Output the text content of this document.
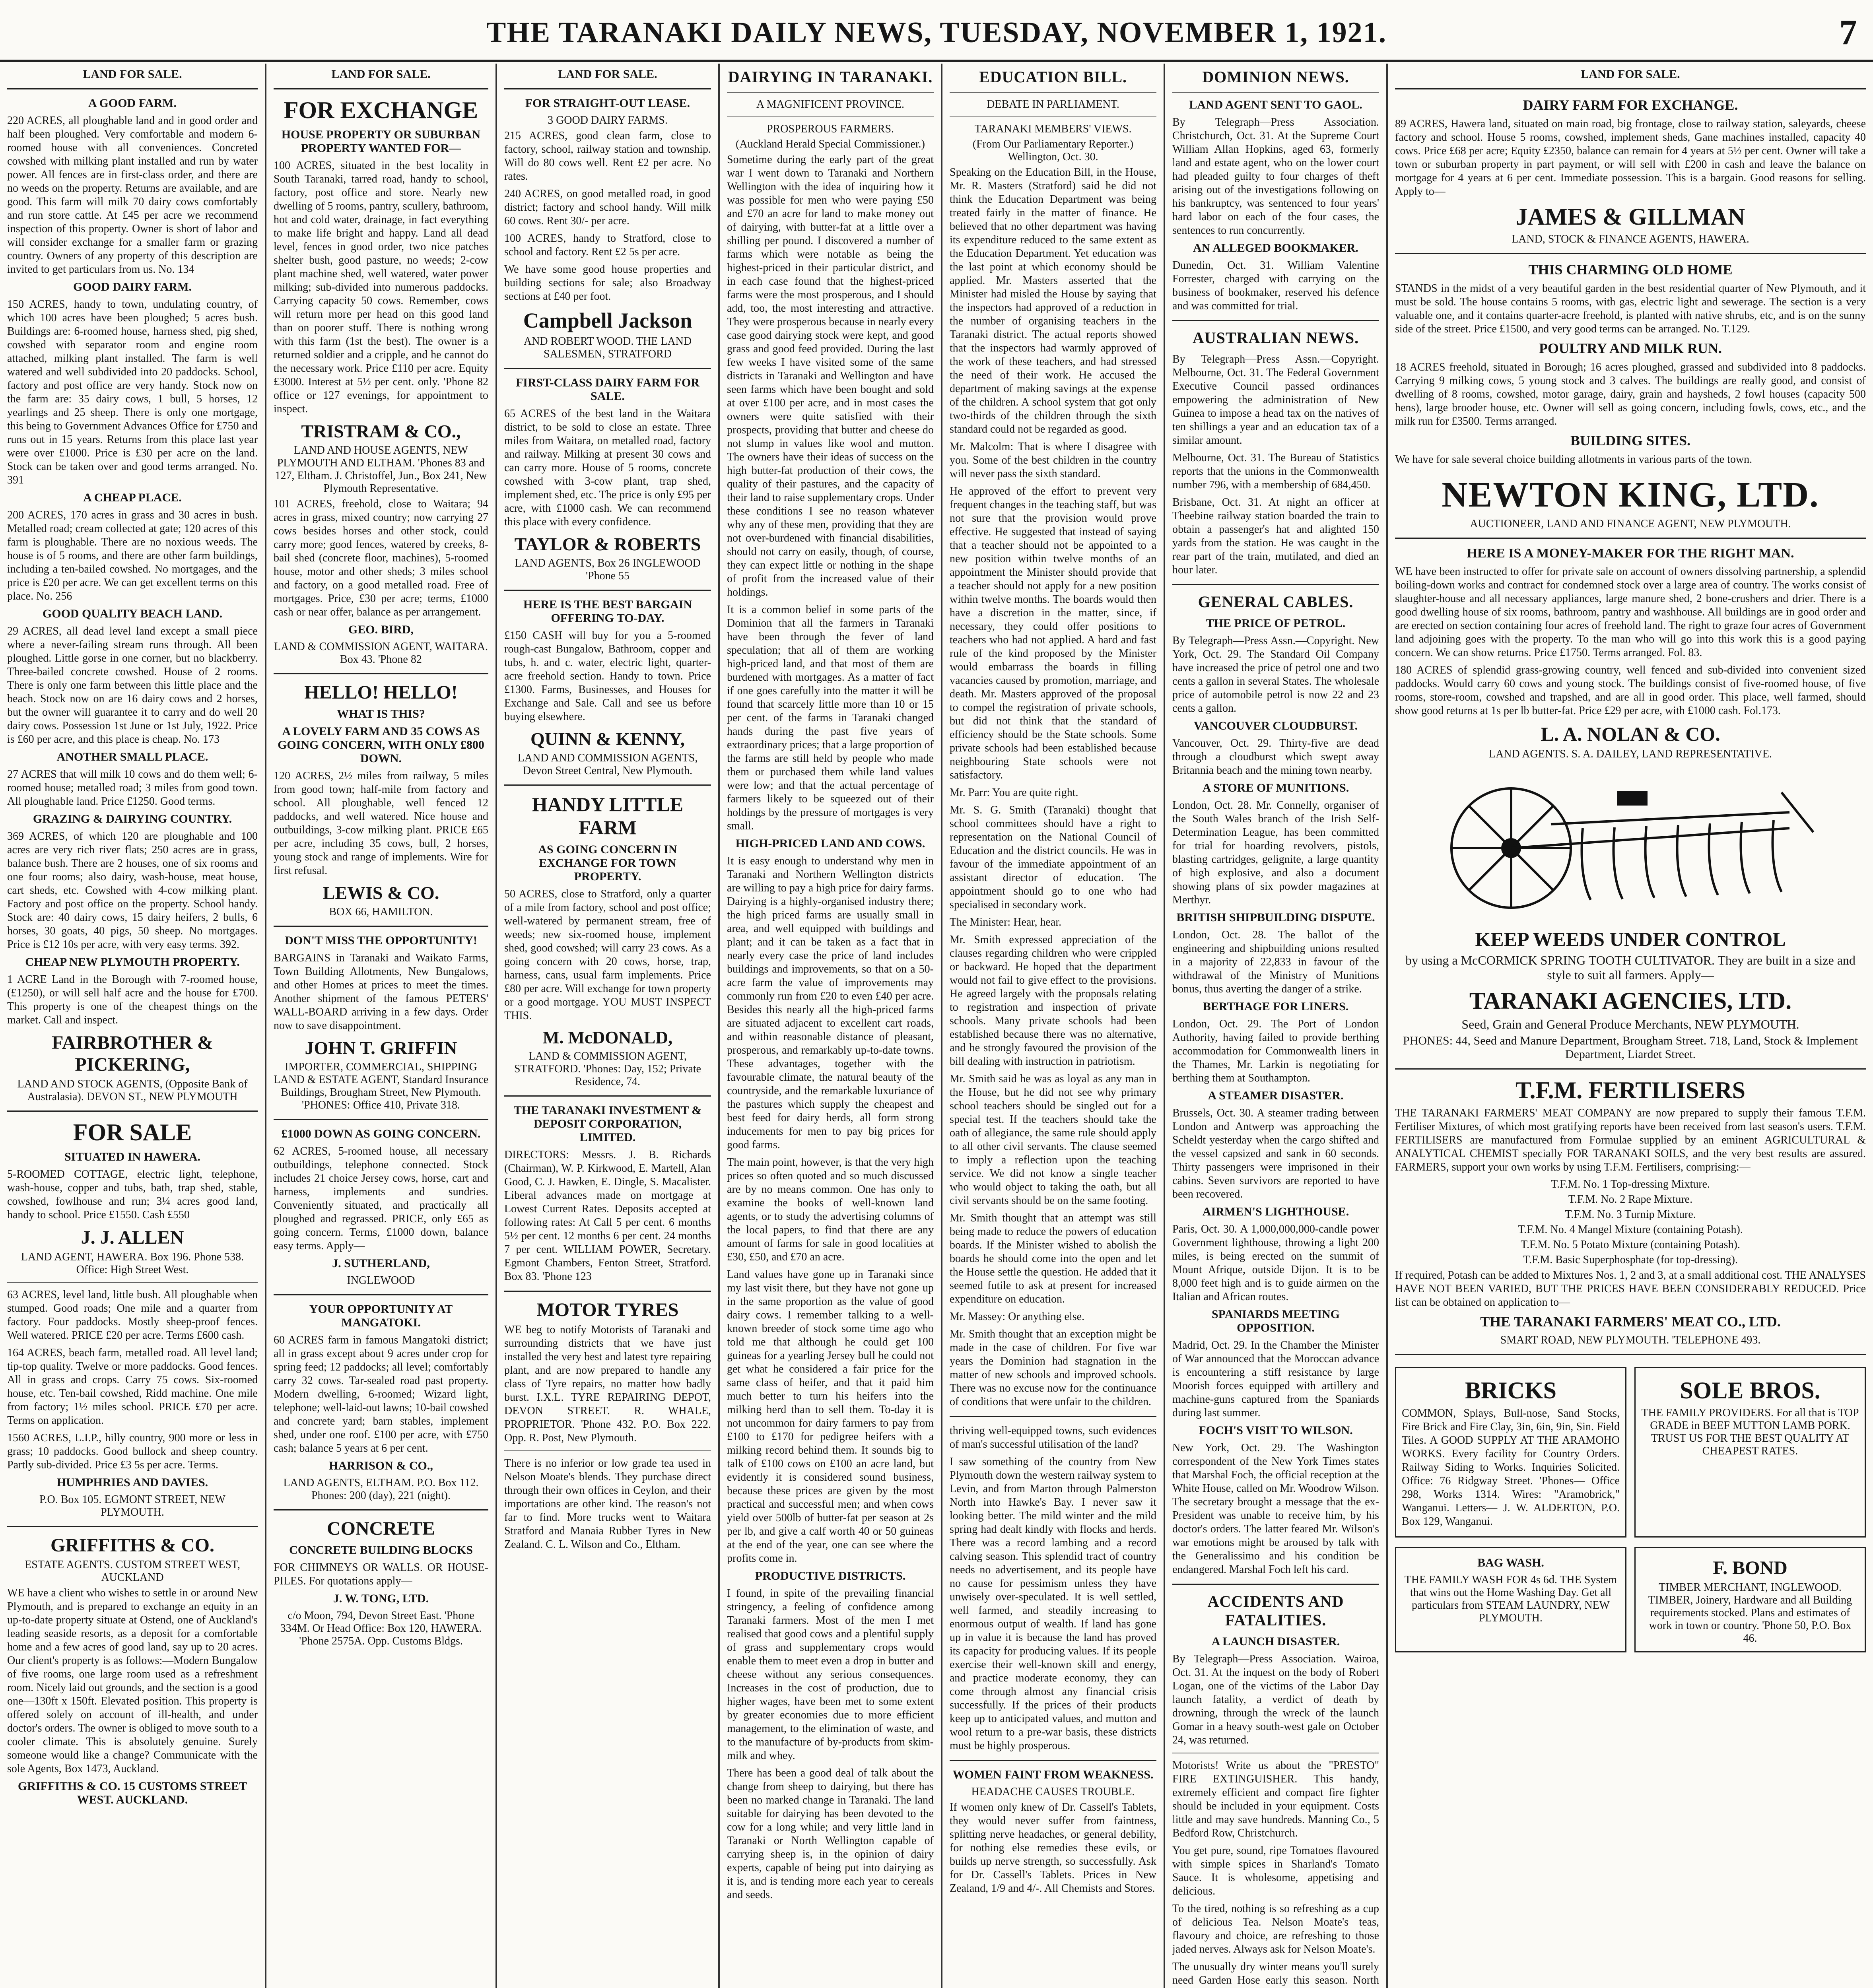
THE TARANAKI DAILY NEWS, TUESDAY, NOVEMBER 1, 1921.	7
LAND FOR SALE.
A GOOD FARM.
220 ACRES, all ploughable land and in good order and half been ploughed. Very comfortable and modern 6-roomed house with all conveniences. Concreted cowshed with milking plant installed and run by water power. All fences are in first-class order, and there are no weeds on the property. Returns are available, and are good. This farm will milk 70 dairy cows comfortably and run store cattle. At £45 per acre we recommend inspection of this property. Owner is short of labor and will consider exchange for a smaller farm or grazing country. Owners of any property of this description are invited to get particulars from us. No. 134
GOOD DAIRY FARM.
150 ACRES, handy to town, undulating country, of which 100 acres have been ploughed; 5 acres bush. Buildings are: 6-roomed house, harness shed, pig shed, cowshed with separator room and engine room attached, milking plant installed. The farm is well watered and well subdivided into 20 paddocks. School, factory and post office are very handy. Stock now on the farm are: 35 dairy cows, 1 bull, 5 horses, 12 yearlings and 25 sheep. There is only one mortgage, this being to Government Advances Office for £750 and runs out in 15 years. Returns from this place last year were over £1000. Price is £30 per acre on the land. Stock can be taken over and good terms arranged. No. 391
A CHEAP PLACE.
200 ACRES, 170 acres in grass and 30 acres in bush. Metalled road; cream collected at gate; 120 acres of this farm is ploughable. There are no noxious weeds. The house is of 5 rooms, and there are other farm buildings, including a ten-bailed cowshed. No mortgages, and the price is £20 per acre. We can get excellent terms on this place. No. 256
GOOD QUALITY BEACH LAND.
29 ACRES, all dead level land except a small piece where a never-failing stream runs through. All been ploughed. Little gorse in one corner, but no blackberry. Three-bailed concrete cowshed. House of 2 rooms. There is only one farm between this little place and the beach. Stock now on are 16 dairy cows and 2 horses, but the owner will guarantee it to carry and do well 20 dairy cows. Possession 1st June or 1st July, 1922. Price is £60 per acre, and this place is cheap. No. 173
ANOTHER SMALL PLACE.
27 ACRES that will milk 10 cows and do them well; 6-roomed house; metalled road; 3 miles from good town. All ploughable land. Price £1250. Good terms.
GRAZING & DAIRYING COUNTRY.
369 ACRES, of which 120 are ploughable and 100 acres are very rich river flats; 250 acres are in grass, balance bush. There are 2 houses, one of six rooms and one four rooms; also dairy, wash-house, meat house, cart sheds, etc. Cowshed with 4-cow milking plant. Factory and post office on the property. School handy. Stock are: 40 dairy cows, 15 dairy heifers, 2 bulls, 6 horses, 30 goats, 40 pigs, 50 sheep. No mortgages. Price is £12 10s per acre, with very easy terms. 392.
CHEAP NEW PLYMOUTH PROPERTY.
1 ACRE Land in the Borough with 7-roomed house, (£1250), or will sell half acre and the house for £700. This property is one of the cheapest things on the market. Call and inspect.
FAIRBROTHER & PICKERING,
LAND AND STOCK AGENTS, (Opposite Bank of Australasia). DEVON ST., NEW PLYMOUTH
FOR SALE
SITUATED IN HAWERA.
5-ROOMED COTTAGE, electric light, telephone, wash-house, copper and tubs, bath, trap shed, stable, cowshed, fowlhouse and run; 3¼ acres good land, handy to school. Price £1550. Cash £550
J. J. ALLEN
LAND AGENT, HAWERA. Box 196. Phone 538. Office: High Street West.
63 ACRES, level land, little bush. All ploughable when stumped. Good roads; One mile and a quarter from factory. Four paddocks. Mostly sheep-proof fences. Well watered. PRICE £20 per acre. Terms £600 cash.
164 ACRES, beach farm, metalled road. All level land; tip-top quality. Twelve or more paddocks. Good fences. All in grass and crops. Carry 75 cows. Six-roomed house, etc. Ten-bail cowshed, Ridd machine. One mile from factory; 1½ miles school. PRICE £70 per acre. Terms on application.
1560 ACRES, L.I.P., hilly country, 900 more or less in grass; 10 paddocks. Good bullock and sheep country. Partly sub-divided. Price £3 5s per acre. Terms.
HUMPHRIES AND DAVIES.
P.O. Box 105. EGMONT STREET, NEW PLYMOUTH.
GRIFFITHS & CO.
ESTATE AGENTS. CUSTOM STREET WEST, AUCKLAND
WE have a client who wishes to settle in or around New Plymouth, and is prepared to exchange an equity in an up-to-date property situate at Ostend, one of Auckland's leading seaside resorts, as a deposit for a comfortable home and a few acres of good land, say up to 20 acres. Our client's property is as follows:—Modern Bungalow of five rooms, one large room used as a refreshment room. Nicely laid out grounds, and the section is a good one—130ft x 150ft. Elevated position. This property is offered solely on account of ill-health, and under doctor's orders. The owner is obliged to move south to a cooler climate. This is absolutely genuine. Surely someone would like a change? Communicate with the sole Agents, Box 1473, Auckland.
GRIFFITHS & CO. 15 CUSTOMS STREET WEST. AUCKLAND.
LAND FOR SALE.
FOR EXCHANGE
HOUSE PROPERTY OR SUBURBAN PROPERTY WANTED FOR—
100 ACRES, situated in the best locality in South Taranaki, tarred road, handy to school, factory, post office and store. Nearly new dwelling of 5 rooms, pantry, scullery, bathroom, hot and cold water, drainage, in fact everything to make life bright and happy. Land all dead level, fences in good order, two nice patches shelter bush, good pasture, no weeds; 2-cow plant machine shed, well watered, water power milking; sub-divided into numerous paddocks. Carrying capacity 50 cows. Remember, cows will return more per head on this good land than on poorer stuff. There is nothing wrong with this farm (1st the best). The owner is a returned soldier and a cripple, and he cannot do the necessary work. Price £110 per acre. Equity £3000. Interest at 5½ per cent. only. 'Phone 82 office or 127 evenings, for appointment to inspect.
TRISTRAM & CO.,
LAND AND HOUSE AGENTS, NEW PLYMOUTH AND ELTHAM. 'Phones 83 and 127, Eltham. J. Christoffel, Jun., Box 241, New Plymouth Representative.
101 ACRES, freehold, close to Waitara; 94 acres in grass, mixed country; now carrying 27 cows besides horses and other stock, could carry more; good fences, watered by creeks, 8-bail shed (concrete floor, machines), 5-roomed house, motor and other sheds; 3 miles school and factory, on a good metalled road. Free of mortgages. Price, £30 per acre; terms, £1000 cash or near offer, balance as per arrangement.
GEO. BIRD,
LAND & COMMISSION AGENT, WAITARA. Box 43. 'Phone 82
HELLO! HELLO!
WHAT IS THIS?
A LOVELY FARM AND 35 COWS AS GOING CONCERN, WITH ONLY £800 DOWN.
120 ACRES, 2½ miles from railway, 5 miles from good town; half-mile from factory and school. All ploughable, well fenced 12 paddocks, and well watered. Nice house and outbuildings, 3-cow milking plant. PRICE £65 per acre, including 35 cows, bull, 2 horses, young stock and range of implements. Wire for first refusal.
LEWIS & CO.
BOX 66, HAMILTON.
DON'T MISS THE OPPORTUNITY!
BARGAINS in Taranaki and Waikato Farms, Town Building Allotments, New Bungalows, and other Homes at prices to meet the times. Another shipment of the famous PETERS' WALL-BOARD arriving in a few days. Order now to save disappointment.
JOHN T. GRIFFIN
IMPORTER, COMMERCIAL, SHIPPING LAND & ESTATE AGENT, Standard Insurance Buildings, Brougham Street, New Plymouth. 'PHONES: Office 410, Private 318.
£1000 DOWN AS GOING CONCERN.
62 ACRES, 5-roomed house, all necessary outbuildings, telephone connected. Stock includes 21 choice Jersey cows, horse, cart and harness, implements and sundries. Conveniently situated, and practically all ploughed and regrassed. PRICE, only £65 as going concern. Terms, £1000 down, balance easy terms. Apply—
J. SUTHERLAND,
INGLEWOOD
YOUR OPPORTUNITY AT MANGATOKI.
60 ACRES farm in famous Mangatoki district; all in grass except about 9 acres under crop for spring feed; 12 paddocks; all level; comfortably carry 32 cows. Tar-sealed road past property. Modern dwelling, 6-roomed; Wizard light, telephone; well-laid-out lawns; 10-bail cowshed and concrete yard; barn stables, implement shed, under one roof. £100 per acre, with £750 cash; balance 5 years at 6 per cent.
HARRISON & CO.,
LAND AGENTS, ELTHAM. P.O. Box 112. Phones: 200 (day), 221 (night).
CONCRETE
CONCRETE BUILDING BLOCKS
FOR CHIMNEYS OR WALLS. OR HOUSE-PILES. For quotations apply—
J. W. TONG, LTD.
c/o Moon, 794, Devon Street East. 'Phone 334M. Or Head Office: Box 120, HAWERA. 'Phone 2575A. Opp. Customs Bldgs.
LAND FOR SALE.
FOR STRAIGHT-OUT LEASE.
3 GOOD DAIRY FARMS.
215 ACRES, good clean farm, close to factory, school, railway station and township. Will do 80 cows well. Rent £2 per acre. No rates.
240 ACRES, on good metalled road, in good district; factory and school handy. Will milk 60 cows. Rent 30/- per acre.
100 ACRES, handy to Stratford, close to school and factory. Rent £2 5s per acre.
We have some good house properties and building sections for sale; also Broadway sections at £40 per foot.
Campbell Jackson
AND ROBERT WOOD. THE LAND SALESMEN, STRATFORD
FIRST-CLASS DAIRY FARM FOR SALE.
65 ACRES of the best land in the Waitara district, to be sold to close an estate. Three miles from Waitara, on metalled road, factory and railway. Milking at present 30 cows and can carry more. House of 5 rooms, concrete cowshed with 3-cow plant, trap shed, implement shed, etc. The price is only £95 per acre, with £1000 cash. We can recommend this place with every confidence.
TAYLOR & ROBERTS
LAND AGENTS, Box 26 INGLEWOOD 'Phone 55
HERE IS THE BEST BARGAIN OFFERING TO-DAY.
£150 CASH will buy for you a 5-roomed rough-cast Bungalow, Bathroom, copper and tubs, h. and c. water, electric light, quarter-acre freehold section. Handy to town. Price £1300. Farms, Businesses, and Houses for Exchange and Sale. Call and see us before buying elsewhere.
QUINN & KENNY,
LAND AND COMMISSION AGENTS, Devon Street Central, New Plymouth.
HANDY LITTLE FARM
AS GOING CONCERN IN EXCHANGE FOR TOWN PROPERTY.
50 ACRES, close to Stratford, only a quarter of a mile from factory, school and post office; well-watered by permanent stream, free of weeds; new six-roomed house, implement shed, good cowshed; will carry 23 cows. As a going concern with 20 cows, horse, trap, harness, cans, usual farm implements. Price £80 per acre. Will exchange for town property or a good mortgage. YOU MUST INSPECT THIS.
M. McDONALD,
LAND & COMMISSION AGENT, STRATFORD. 'Phones: Day, 152; Private Residence, 74.
THE TARANAKI INVESTMENT & DEPOSIT CORPORATION, LIMITED.
DIRECTORS: Messrs. J. B. Richards (Chairman), W. P. Kirkwood, E. Martell, Alan Good, C. J. Hawken, E. Dingle, S. Macalister. Liberal advances made on mortgage at Lowest Current Rates. Deposits accepted at following rates: At Call 5 per cent. 6 months 5½ per cent. 12 months 6 per cent. 24 months 7 per cent. WILLIAM POWER, Secretary. Egmont Chambers, Fenton Street, Stratford. Box 83. 'Phone 123
MOTOR TYRES
WE beg to notify Motorists of Taranaki and surrounding districts that we have just installed the very best and latest tyre repairing plant, and are now prepared to handle any class of Tyre repairs, no matter how badly burst. I.X.L. TYRE REPAIRING DEPOT, DEVON STREET. R. WHALE, PROPRIETOR. 'Phone 432. P.O. Box 222. Opp. R. Post, New Plymouth.
There is no inferior or low grade tea used in Nelson Moate's blends. They purchase direct through their own offices in Ceylon, and their importations are other kind. The reason's not far to find. More trucks went to Waitara Stratford and Manaia Rubber Tyres in New Zealand. C. L. Wilson and Co., Eltham.
DAIRYING IN TARANAKI.
A MAGNIFICENT PROVINCE.
PROSPEROUS FARMERS.
(Auckland Herald Special Commissioner.)
Sometime during the early part of the great war I went down to Taranaki and Northern Wellington with the idea of inquiring how it was possible for men who were paying £50 and £70 an acre for land to make money out of dairying, with butter-fat at a little over a shilling per pound. I discovered a number of farms which were notable as being the highest-priced in their particular district, and in each case found that the highest-priced farms were the most prosperous, and I should add, too, the most interesting and attractive. They were prosperous because in nearly every case good dairying stock were kept, and good grass and good feed provided. During the last few weeks I have visited some of the same districts in Taranaki and Wellington and have seen farms which have been bought and sold at over £100 per acre, and in most cases the owners were quite satisfied with their prospects, providing that butter and cheese do not slump in values like wool and mutton. The owners have their ideas of success on the high butter-fat production of their cows, the quality of their pastures, and the capacity of their land to raise supplementary crops. Under these conditions I see no reason whatever why any of these men, providing that they are not over-burdened with financial disabilities, should not carry on easily, though, of course, they can expect little or nothing in the shape of profit from the increased value of their holdings.
It is a common belief in some parts of the Dominion that all the farmers in Taranaki have been through the fever of land speculation; that all of them are working high-priced land, and that most of them are burdened with mortgages. As a matter of fact if one goes carefully into the matter it will be found that scarcely little more than 10 or 15 per cent. of the farms in Taranaki changed hands during the past five years of extraordinary prices; that a large proportion of the farms are still held by people who made them or purchased them while land values were low; and that the actual percentage of farmers likely to be squeezed out of their holdings by the pressure of mortgages is very small.
HIGH-PRICED LAND AND COWS.
It is easy enough to understand why men in Taranaki and Northern Wellington districts are willing to pay a high price for dairy farms. Dairying is a highly-organised industry there; the high priced farms are usually small in area, and well equipped with buildings and plant; and it can be taken as a fact that in nearly every case the price of land includes buildings and improvements, so that on a 50-acre farm the value of improvements may commonly run from £20 to even £40 per acre. Besides this nearly all the high-priced farms are situated adjacent to excellent cart roads, and within reasonable distance of pleasant, prosperous, and remarkably up-to-date towns. These advantages, together with the favourable climate, the natural beauty of the countryside, and the remarkable luxuriance of the pastures which supply the cheapest and best feed for dairy herds, all form strong inducements for men to pay big prices for good farms.
The main point, however, is that the very high prices so often quoted and so much discussed are by no means common. One has only to examine the books of well-known land agents, or to study the advertising columns of the local papers, to find that there are any amount of farms for sale in good localities at £30, £50, and £70 an acre.
Land values have gone up in Taranaki since my last visit there, but they have not gone up in the same proportion as the value of good dairy cows. I remember talking to a well-known breeder of stock some time ago who told me that although he could get 100 guineas for a yearling Jersey bull he could not get what he considered a fair price for the same class of heifer, and that it paid him much better to turn his heifers into the milking herd than to sell them. To-day it is not uncommon for dairy farmers to pay from £100 to £170 for pedigree heifers with a milking record behind them. It sounds big to talk of £100 cows on £100 an acre land, but evidently it is considered sound business, because these prices are given by the most practical and successful men; and when cows yield over 500lb of butter-fat per season at 2s per lb, and give a calf worth 40 or 50 guineas at the end of the year, one can see where the profits come in.
PRODUCTIVE DISTRICTS.
I found, in spite of the prevailing financial stringency, a feeling of confidence among Taranaki farmers. Most of the men I met realised that good cows and a plentiful supply of grass and supplementary crops would enable them to meet even a drop in butter and cheese without any serious consequences. Increases in the cost of production, due to higher wages, have been met to some extent by greater economies due to more efficient management, to the elimination of waste, and to the manufacture of by-products from skim-milk and whey.
There has been a good deal of talk about the change from sheep to dairying, but there has been no marked change in Taranaki. The land suitable for dairying has been devoted to the cow for a long while; and very little land in Taranaki or North Wellington capable of carrying sheep is, in the opinion of dairy experts, capable of being put into dairying as it is, and is tending more each year to cereals and seeds.
EDUCATION BILL.
DEBATE IN PARLIAMENT.
TARANAKI MEMBERS' VIEWS.
(From Our Parliamentary Reporter.) Wellington, Oct. 30.
Speaking on the Education Bill, in the House, Mr. R. Masters (Stratford) said he did not think the Education Department was being treated fairly in the matter of finance. He believed that no other department was having its expenditure reduced to the same extent as the Education Department. Yet education was the last point at which economy should be applied. Mr. Masters asserted that the Minister had misled the House by saying that the inspectors had approved of a reduction in the number of organising teachers in the Taranaki district. The actual reports showed that the inspectors had warmly approved of the work of these teachers, and had stressed the need of their work. He accused the department of making savings at the expense of the children. A school system that got only two-thirds of the children through the sixth standard could not be regarded as good.
Mr. Malcolm: That is where I disagree with you. Some of the best children in the country will never pass the sixth standard.
He approved of the effort to prevent very frequent changes in the teaching staff, but was not sure that the provision would prove effective. He suggested that instead of saying that a teacher should not be appointed to a new position within twelve months of an appointment the Minister should provide that a teacher should not apply for a new position within twelve months. The boards would then have a discretion in the matter, since, if necessary, they could offer positions to teachers who had not applied. A hard and fast rule of the kind proposed by the Minister would embarrass the boards in filling vacancies caused by promotion, marriage, and death. Mr. Masters approved of the proposal to compel the registration of private schools, but did not think that the standard of efficiency should be the State schools. Some private schools had been established because neighbouring State schools were not satisfactory.
Mr. Parr: You are quite right.
Mr. S. G. Smith (Taranaki) thought that school committees should have a right to representation on the National Council of Education and the district councils. He was in favour of the immediate appointment of an assistant director of education. The appointment should go to one who had specialised in secondary work.
The Minister: Hear, hear.
Mr. Smith expressed appreciation of the clauses regarding children who were crippled or backward. He hoped that the department would not fail to give effect to the provisions. He agreed largely with the proposals relating to registration and inspection of private schools. Many private schools had been established because there was no alternative, and he strongly favoured the provision of the bill dealing with instruction in patriotism.
Mr. Smith said he was as loyal as any man in the House, but he did not see why primary school teachers should be singled out for a special test. If the teachers should take the oath of allegiance, the same rule should apply to all other civil servants. The clause seemed to imply a reflection upon the teaching service. We did not know a single teacher who would object to taking the oath, but all civil servants should be on the same footing.
Mr. Smith thought that an attempt was still being made to reduce the powers of education boards. If the Minister wished to abolish the boards he should come into the open and let the House settle the question. He added that it seemed futile to ask at present for increased expenditure on education.
Mr. Massey: Or anything else.
Mr. Smith thought that an exception might be made in the case of children. For five war years the Dominion had stagnation in the matter of new schools and improved schools. There was no excuse now for the continuance of conditions that were unfair to the children.
thriving well-equipped towns, such evidences of man's successful utilisation of the land?
I saw something of the country from New Plymouth down the western railway system to Levin, and from Marton through Palmerston North into Hawke's Bay. I never saw it looking better. The mild winter and the mild spring had dealt kindly with flocks and herds. There was a record lambing and a record calving season. This splendid tract of country needs no advertisement, and its people have no cause for pessimism unless they have unwisely over-speculated. It is well settled, well farmed, and steadily increasing to enormous output of wealth. If land has gone up in value it is because the land has proved its capacity for producing values. If its people exercise their well-known skill and energy, and practice moderate economy, they can come through almost any financial crisis successfully. If the prices of their products keep up to anticipated values, and mutton and wool return to a pre-war basis, these districts must be highly prosperous.
WOMEN FAINT FROM WEAKNESS.
HEADACHE CAUSES TROUBLE.
If women only knew of Dr. Cassell's Tablets, they would never suffer from faintness, splitting nerve headaches, or general debility, for nothing else remedies these evils, or builds up nerve strength, so successfully. Ask for Dr. Cassell's Tablets. Prices in New Zealand, 1/9 and 4/-. All Chemists and Stores.
DOMINION NEWS.
LAND AGENT SENT TO GAOL.
By Telegraph—Press Association. Christchurch, Oct. 31. At the Supreme Court William Allan Hopkins, aged 63, formerly land and estate agent, who on the lower court had pleaded guilty to four charges of theft arising out of the investigations following on his bankruptcy, was sentenced to four years' hard labor on each of the four cases, the sentences to run concurrently.
AN ALLEGED BOOKMAKER.
Dunedin, Oct. 31. William Valentine Forrester, charged with carrying on the business of bookmaker, reserved his defence and was committed for trial.
AUSTRALIAN NEWS.
By Telegraph—Press Assn.—Copyright. Melbourne, Oct. 31. The Federal Government Executive Council passed ordinances empowering the administration of New Guinea to impose a head tax on the natives of ten shillings a year and an education tax of a similar amount.
Melbourne, Oct. 31. The Bureau of Statistics reports that the unions in the Commonwealth number 796, with a membership of 684,450.
Brisbane, Oct. 31. At night an officer at Theebine railway station boarded the train to obtain a passenger's hat and alighted 150 yards from the station. He was caught in the rear part of the train, mutilated, and died an hour later.
GENERAL CABLES.
THE PRICE OF PETROL.
By Telegraph—Press Assn.—Copyright. New York, Oct. 29. The Standard Oil Company have increased the price of petrol one and two cents a gallon in several States. The wholesale price of automobile petrol is now 22 and 23 cents a gallon.
VANCOUVER CLOUDBURST.
Vancouver, Oct. 29. Thirty-five are dead through a cloudburst which swept away Britannia beach and the mining town nearby.
A STORE OF MUNITIONS.
London, Oct. 28. Mr. Connelly, organiser of the South Wales branch of the Irish Self-Determination League, has been committed for trial for hoarding revolvers, pistols, blasting cartridges, gelignite, a large quantity of high explosive, and also a document showing plans of six powder magazines at Merthyr.
BRITISH SHIPBUILDING DISPUTE.
London, Oct. 28. The ballot of the engineering and shipbuilding unions resulted in a majority of 22,833 in favour of the withdrawal of the Ministry of Munitions bonus, thus averting the danger of a strike.
BERTHAGE FOR LINERS.
London, Oct. 29. The Port of London Authority, having failed to provide berthing accommodation for Commonwealth liners in the Thames, Mr. Larkin is negotiating for berthing them at Southampton.
A STEAMER DISASTER.
Brussels, Oct. 30. A steamer trading between London and Antwerp was approaching the Scheldt yesterday when the cargo shifted and the vessel capsized and sank in 60 seconds. Thirty passengers were imprisoned in their cabins. Seven survivors are reported to have been recovered.
AIRMEN'S LIGHTHOUSE.
Paris, Oct. 30. A 1,000,000,000-candle power Government lighthouse, throwing a light 200 miles, is being erected on the summit of Mount Afrique, outside Dijon. It is to be 8,000 feet high and is to guide airmen on the Italian and African routes.
SPANIARDS MEETING OPPOSITION.
Madrid, Oct. 29. In the Chamber the Minister of War announced that the Moroccan advance is encountering a stiff resistance by large Moorish forces equipped with artillery and machine-guns captured from the Spaniards during last summer.
FOCH'S VISIT TO WILSON.
New York, Oct. 29. The Washington correspondent of the New York Times states that Marshal Foch, the official reception at the White House, called on Mr. Woodrow Wilson. The secretary brought a message that the ex-President was unable to receive him, by his doctor's orders. The latter feared Mr. Wilson's war emotions might be aroused by talk with the Generalissimo and his condition be endangered. Marshal Foch left his card.
ACCIDENTS AND FATALITIES.
A LAUNCH DISASTER.
By Telegraph—Press Association. Wairoa, Oct. 31. At the inquest on the body of Robert Logan, one of the victims of the Labor Day launch fatality, a verdict of death by drowning, through the wreck of the launch Gomar in a heavy south-west gale on October 24, was returned.
Motorists! Write us about the "PRESTO" FIRE EXTINGUISHER. This handy, extremely efficient and compact fire fighter should be included in your equipment. Costs little and may save hundreds. Manning Co., 5 Bedford Row, Christchurch.
You get pure, sound, ripe Tomatoes flavoured with simple spices in Sharland's Tomato Sauce. It is wholesome, appetising and delicious.
To the tired, nothing is so refreshing as a cup of delicious Tea. Nelson Moate's teas, flavoury and choice, are refreshing to those jaded nerves. Always ask for Nelson Moate's.
The unusually dry winter means you'll surely need Garden Hose early this season. North
LAND FOR SALE.
DAIRY FARM FOR EXCHANGE.
89 ACRES, Hawera land, situated on main road, big frontage, close to railway station, saleyards, cheese factory and school. House 5 rooms, cowshed, implement sheds, Gane machines installed, capacity 40 cows. Price £68 per acre; Equity £2350, balance can remain for 4 years at 5½ per cent. Owner will take a town or suburban property in part payment, or will sell with £200 in cash and leave the balance on mortgage for 4 years at 6 per cent. Immediate possession. This is a bargain. Good reasons for selling. Apply to—
JAMES & GILLMAN
LAND, STOCK & FINANCE AGENTS, HAWERA.
THIS CHARMING OLD HOME
STANDS in the midst of a very beautiful garden in the best residential quarter of New Plymouth, and it must be sold. The house contains 5 rooms, with gas, electric light and sewerage. The section is a very valuable one, and it contains quarter-acre freehold, is planted with native shrubs, etc, and is on the sunny side of the street. Price £1500, and very good terms can be arranged. No. T.129.
POULTRY AND MILK RUN.
18 ACRES freehold, situated in Borough; 16 acres ploughed, grassed and subdivided into 8 paddocks. Carrying 9 milking cows, 5 young stock and 3 calves. The buildings are really good, and consist of dwelling of 8 rooms, cowshed, motor garage, dairy, grain and haysheds, 2 fowl houses (capacity 500 hens), large brooder house, etc. Owner will sell as going concern, including fowls, cows, etc., and the milk run for £3500. Terms arranged.
BUILDING SITES.
We have for sale several choice building allotments in various parts of the town.
NEWTON KING, LTD.
AUCTIONEER, LAND AND FINANCE AGENT, NEW PLYMOUTH.
HERE IS A MONEY-MAKER FOR THE RIGHT MAN.
WE have been instructed to offer for private sale on account of owners dissolving partnership, a splendid boiling-down works and contract for condemned stock over a large area of country. The works consist of slaughter-house and all necessary appliances, large manure shed, 2 bone-crushers and drier. There is a good dwelling house of six rooms, bathroom, pantry and washhouse. All buildings are in good order and are erected on section containing four acres of freehold land. The right to graze four acres of Government land adjoining goes with the property. To the man who will go into this work this is a good paying concern. We can show returns. Price £1750. Terms arranged. Fol. 83.
180 ACRES of splendid grass-growing country, well fenced and sub-divided into convenient sized paddocks. Would carry 60 cows and young stock. The buildings consist of five-roomed house, of five rooms, store-room, cowshed and trapshed, and are all in good order. This place, well farmed, should show good returns at 1s per lb butter-fat. Price £29 per acre, with £1000 cash. Fol.173.
L. A. NOLAN & CO.
LAND AGENTS. S. A. DAILEY, LAND REPRESENTATIVE.
KEEP WEEDS UNDER CONTROL
by using a McCORMICK SPRING TOOTH CULTIVATOR. They are built in a size and style to suit all farmers. Apply—
TARANAKI AGENCIES, LTD.
Seed, Grain and General Produce Merchants, NEW PLYMOUTH.
PHONES: 44, Seed and Manure Department, Brougham Street. 718, Land, Stock & Implement Department, Liardet Street.
T.F.M. FERTILISERS
THE TARANAKI FARMERS' MEAT COMPANY are now prepared to supply their famous T.F.M. Fertiliser Mixtures, of which most gratifying reports have been received from last season's users. T.F.M. FERTILISERS are manufactured from Formulae supplied by an eminent AGRICULTURAL & ANALYTICAL CHEMIST specially FOR TARANAKI SOILS, and the very best results are assured. FARMERS, support your own works by using T.F.M. Fertilisers, comprising:—
T.F.M. No. 1 Top-dressing Mixture.
T.F.M. No. 2 Rape Mixture.
T.F.M. No. 3 Turnip Mixture.
T.F.M. No. 4 Mangel Mixture (containing Potash).
T.F.M. No. 5 Potato Mixture (containing Potash).
T.F.M. Basic Superphosphate (for top-dressing).
If required, Potash can be added to Mixtures Nos. 1, 2 and 3, at a small additional cost. THE ANALYSES HAVE NOT BEEN VARIED, BUT THE PRICES HAVE BEEN CONSIDERABLY REDUCED. Price list can be obtained on application to—
THE TARANAKI FARMERS' MEAT CO., LTD.
SMART ROAD, NEW PLYMOUTH. 'TELEPHONE 493.
BRICKS
COMMON, Splays, Bull-nose, Sand Stocks, Fire Brick and Fire Clay, 3in, 6in, 9in, Sin. Field Tiles. A GOOD SUPPLY AT THE ARAMOHO WORKS. Every facility for Country Orders. Railway Siding to Works. Inquiries Solicited. Office: 76 Ridgway Street. 'Phones— Office 298, Works 1314. Wires: "Aramobrick," Wanganui. Letters— J. W. ALDERTON, P.O. Box 129, Wanganui.
SOLE BROS.
THE FAMILY PROVIDERS. For all that is TOP GRADE in BEEF MUTTON LAMB PORK. TRUST US FOR THE BEST QUALITY AT CHEAPEST RATES.
BAG WASH.
THE FAMILY WASH FOR 4s 6d. THE System that wins out the Home Washing Day. Get all particulars from STEAM LAUNDRY, NEW PLYMOUTH.
F. BOND
TIMBER MERCHANT, INGLEWOOD. TIMBER, Joinery, Hardware and all Building requirements stocked. Plans and estimates of work in town or country. 'Phone 50, P.O. Box 46.
